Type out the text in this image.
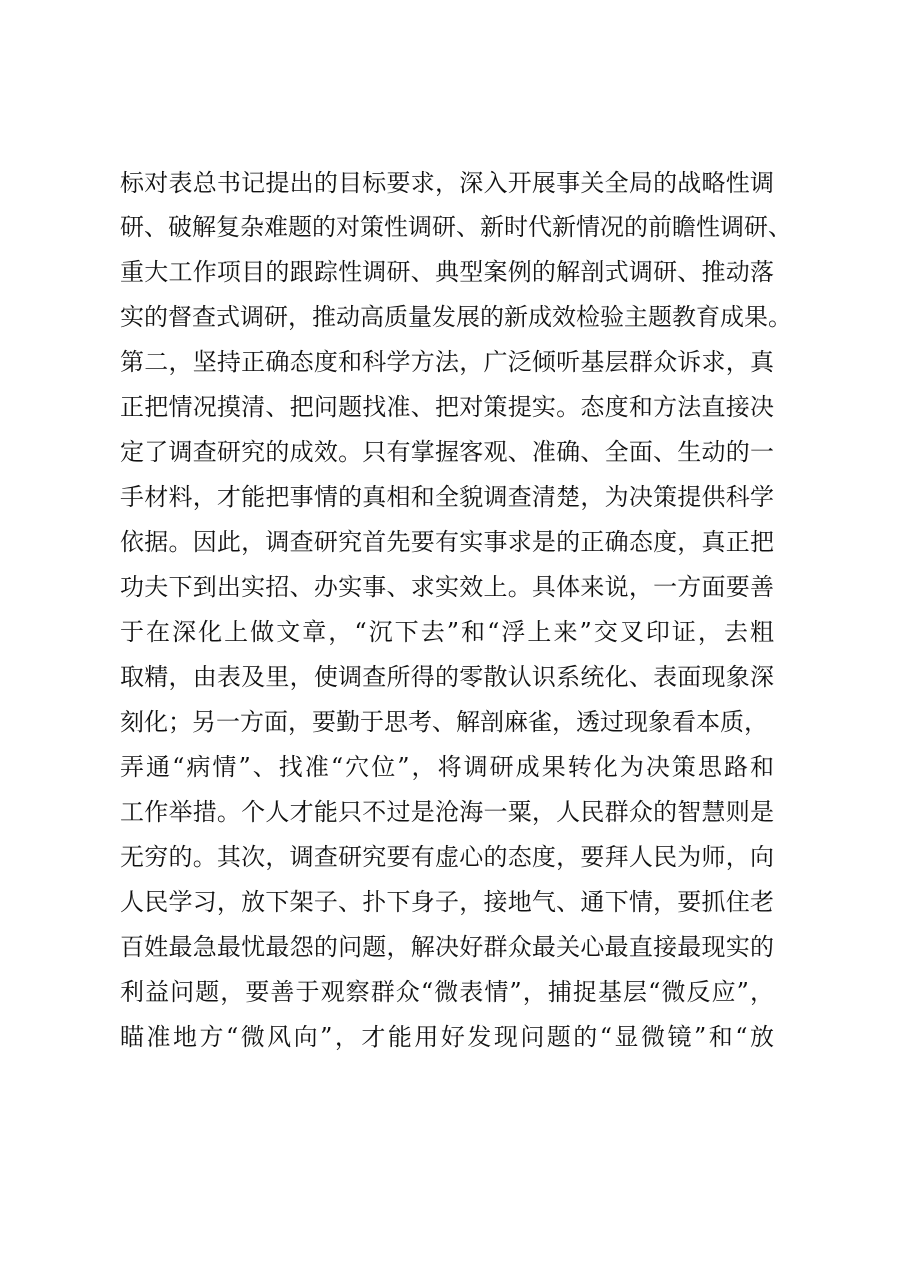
标对表总书记提出的目标要求，深入开展事关全局的战略性调
研、破解复杂难题的对策性调研、新时代新情况的前瞻性调研、
重大工作项目的跟踪性调研、典型案例的解剖式调研、推动落
实的督查式调研，推动高质量发展的新成效检验主题教育成果。
第二，坚持正确态度和科学方法，广泛倾听基层群众诉求，真
正把情况摸清、把问题找准、把对策提实。态度和方法直接决
定了调查研究的成效。只有掌握客观、准确、全面、生动的一
手材料，才能把事情的真相和全貌调查清楚，为决策提供科学
依据。因此，调查研究首先要有实事求是的正确态度，真正把
功夫下到出实招、办实事、求实效上。具体来说，一方面要善
于在深化上做文章，“沉下去”和“浮上来”交叉印证，去粗
取精，由表及里，使调查所得的零散认识系统化、表面现象深
刻化；另一方面，要勤于思考、解剖麻雀，透过现象看本质，
弄通“病情”、找准“穴位”，将调研成果转化为决策思路和
工作举措。个人才能只不过是沧海一粟，人民群众的智慧则是
无穷的。其次，调查研究要有虚心的态度，要拜人民为师，向
人民学习，放下架子、扑下身子，接地气、通下情，要抓住老
百姓最急最忧最怨的问题，解决好群众最关心最直接最现实的
利益问题，要善于观察群众“微表情”，捕捉基层“微反应”，
瞄准地方“微风向”，才能用好发现问题的“显微镜”和“放
